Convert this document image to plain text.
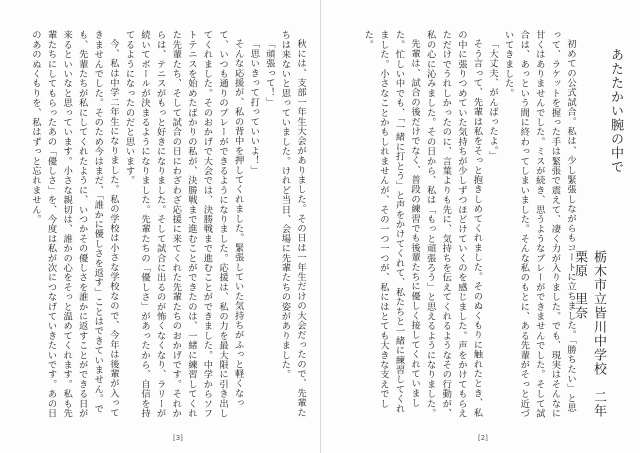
あたたかい腕の中で
栃木市立皆川中学校　二年　栗原　里奈

初めての公式試合。私は、少し緊張しながらもコートに立ちました。「勝ちたい」と思って、ラケットを握った手は緊張で震えて、凄く力が入りました。でも、現実はそんなに甘くはありませんでした。ミスが続き、思うようなプレーができませんでした。そして試合は、あっという間に終わってしまいました。そんな私のもとに、ある先輩がそっと近づいてきました。

「大丈夫、がんばったよ。」

そう言って、先輩は私をそっと抱きしめてくれました。そのぬくもりに触れたとき、私の中に張りつめていた気持ちが少しずつほどけていくのを感じました。声をかけてもらえただけでうれしかったのに、言葉よりも先に、気持ちを伝えてくれるようなその行動が、私の心に沁みました。その日から、私は「もっと頑張ろう」と思えるようになりました。

先輩は、試合の後だけでなく、普段の練習でも後輩たちに優しく接してくれていました。忙しい中でも、「一緒に打とう」と声をかけてくれて、私たちと一緒に練習してくれました。小さなことかもしれませんが、その一つ一つが、私にはとても大きな支えでした。

[2]

秋には、支部一年生大会がありました。その日は一年生だけの大会だったので、先輩たちは来ないと思っていました。けれど当日、会場に先輩たちの姿がありました。

「頑張って！」

「思いきって打っていいよ！」

そんな応援が、私の背中を押してくれました。緊張していた気持ちがふっと軽くなって、いつも通りのプレーができるようになりました。応援は、私の力を最大限に引き出してくれました。そのおかげで大会では、決勝戦まで進むことができました。中学からソフトテニスを始めたばかりの私が、決勝戦まで進むことができたのは、一緒に練習してくれた先輩たち、そして試合の日にわざわざ応援に来てくれた先輩たちのおかげです。それからは、テニスがもっと好きになりました。そして試合に出るのが怖くなくなり、ラリーが続いてボールが決まるようになりました。先輩たちの「優しさ」があったから、自信を持てるようになったのだと思います。

今、私は中学二年生になりました。私の学校は小さな学校なので、今年は後輩が入ってきませんでした。そのため今はまだ、「誰かに優しさを返す」ことはできていません。でも、先輩たちが私にしてくれたように、いつかその優しさを誰かに返すことができる日が来るといいなと思っています。小さな親切は、誰かの心をそっと温めてくれます。私も先輩たちにしてもらったあの「優しさ」を、今度は私が次につなげていきたいです。あの日のあのぬくもりを、私はずっと忘れません。

[3]
